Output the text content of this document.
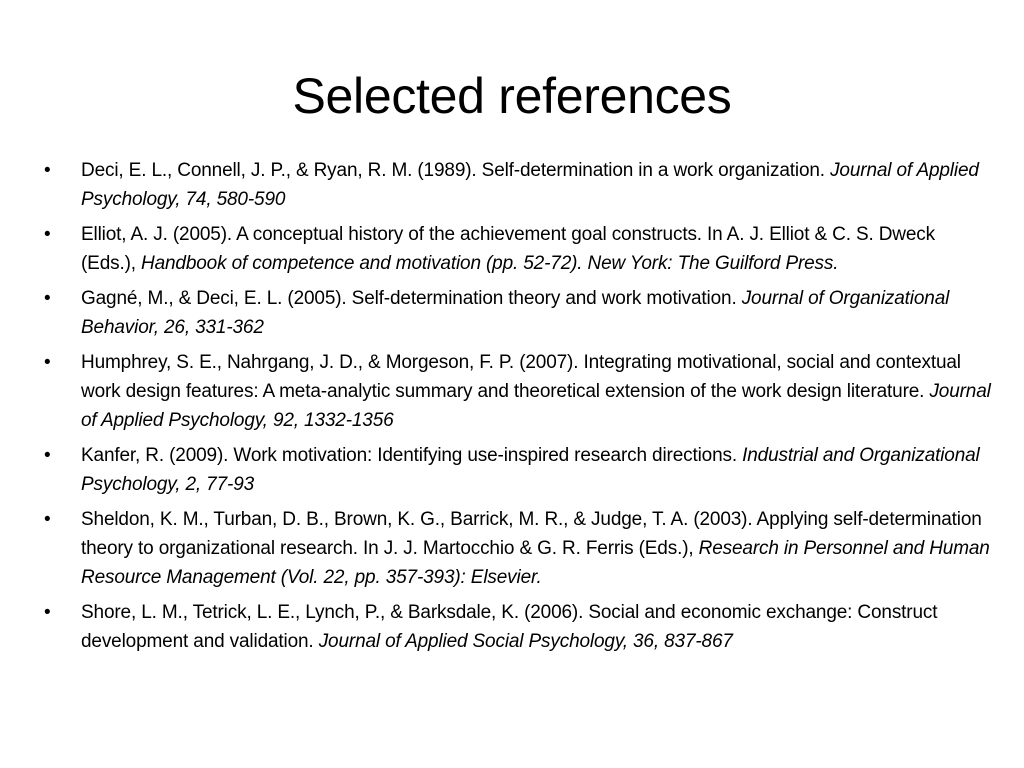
Selected references
•	Deci, E. L., Connell, J. P., & Ryan, R. M. (1989). Self-determination in a work organization. Journal of Applied Psychology, 74, 580-590
•	Elliot, A. J. (2005). A conceptual history of the achievement goal constructs. In A. J. Elliot & C. S. Dweck (Eds.), Handbook of competence and motivation (pp. 52-72). New York: The Guilford Press.
•	Gagné, M., & Deci, E. L. (2005). Self-determination theory and work motivation. Journal of Organizational Behavior, 26, 331-362
•	Humphrey, S. E., Nahrgang, J. D., & Morgeson, F. P. (2007). Integrating motivational, social and contextual work design features: A meta-analytic summary and theoretical extension of the work design literature. Journal of Applied Psychology, 92, 1332-1356
•	Kanfer, R. (2009). Work motivation: Identifying use-inspired research directions. Industrial and Organizational Psychology, 2, 77-93
•	Sheldon, K. M., Turban, D. B., Brown, K. G., Barrick, M. R., & Judge, T. A. (2003). Applying self-determination theory to organizational research. In J. J. Martocchio & G. R. Ferris (Eds.), Research in Personnel and Human Resource Management (Vol. 22, pp. 357-393): Elsevier.
•	Shore, L. M., Tetrick, L. E., Lynch, P., & Barksdale, K. (2006). Social and economic exchange: Construct development and validation. Journal of Applied Social Psychology, 36, 837-867
